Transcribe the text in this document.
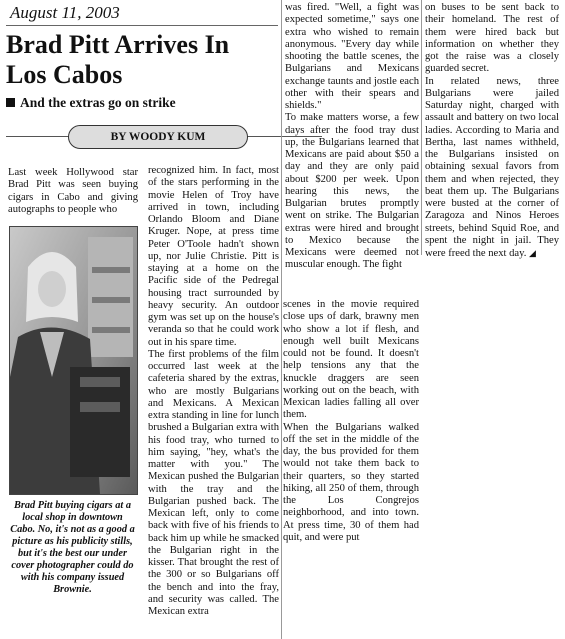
August 11, 2003
Brad Pitt Arrives In Los Cabos
And the extras go on strike
BY WOODY KUM

Last week Hollywood star Brad Pitt was seen buying cigars in Cabo and giving autographs to people who

Brad Pitt buying cigars at a local shop in downtown Cabo. No, it's not as a good a picture as his publicity stills, but it's the best our under cover photographer could do with his company issued Brownie.

recognized him. In fact, most of the stars performing in the movie Helen of Troy have arrived in town, including Orlando Bloom and Diane Kruger. Nope, at press time Peter O'Toole hadn't shown up, nor Julie Christie. Pitt is staying at a home on the Pacific side of the Pedregal housing tract surrounded by heavy security. An outdoor gym was set up on the house's veranda so that he could work out in his spare time.

The first problems of the film occurred last week at the cafeteria shared by the extras, who are mostly Bulgarians and Mexicans. A Mexican extra standing in line for lunch brushed a Bulgarian extra with his food tray, who turned to him saying, "hey, what's the matter with you." The Mexican pushed the Bulgarian with the tray and the Bulgarian pushed back. The Mexican left, only to come back with five of his friends to back him up while he smacked the Bulgarian right in the kisser. That brought the rest of the 300 or so Bulgarians off the bench and into the fray, and security was called. The Mexican extra

was fired. "Well, a fight was expected sometime," says one extra who wished to remain anonymous. "Every day while shooting the battle scenes, the Bulgarians and Mexicans exchange taunts and jostle each other with their spears and shields."

To make matters worse, a few days after the food tray dust up, the Bulgarians learned that Mexicans are paid about $50 a day and they are only paid about $200 per week. Upon hearing this news, the Bulgarian brutes promptly went on strike. The Bulgarian extras were hired and brought to Mexico because the Mexicans were deemed not muscular enough. The fight

scenes in the movie required close ups of dark, brawny men who show a lot if flesh, and enough well built Mexicans could not be found. It doesn't help tensions any that the knuckle draggers are seen working out on the beach, with Mexican ladies falling all over them.

When the Bulgarians walked off the set in the middle of the day, the bus provided for them would not take them back to their quarters, so they started hiking, all 250 of them, through the Los Congrejos neighborhood, and into town. At press time, 30 of them had quit, and were put

on buses to be sent back to their homeland. The rest of them were hired back but information on whether they got the raise was a closely guarded secret.

In related news, three Bulgarians were jailed Saturday night, charged with assault and battery on two local ladies. According to Maria and Bertha, last names withheld, the Bulgarians insisted on obtaining sexual favors from them and when rejected, they beat them up. The Bulgarians were busted at the corner of Zaragoza and Ninos Heroes streets, behind Squid Roe, and spent the night in jail. They were freed the next day. ◢
